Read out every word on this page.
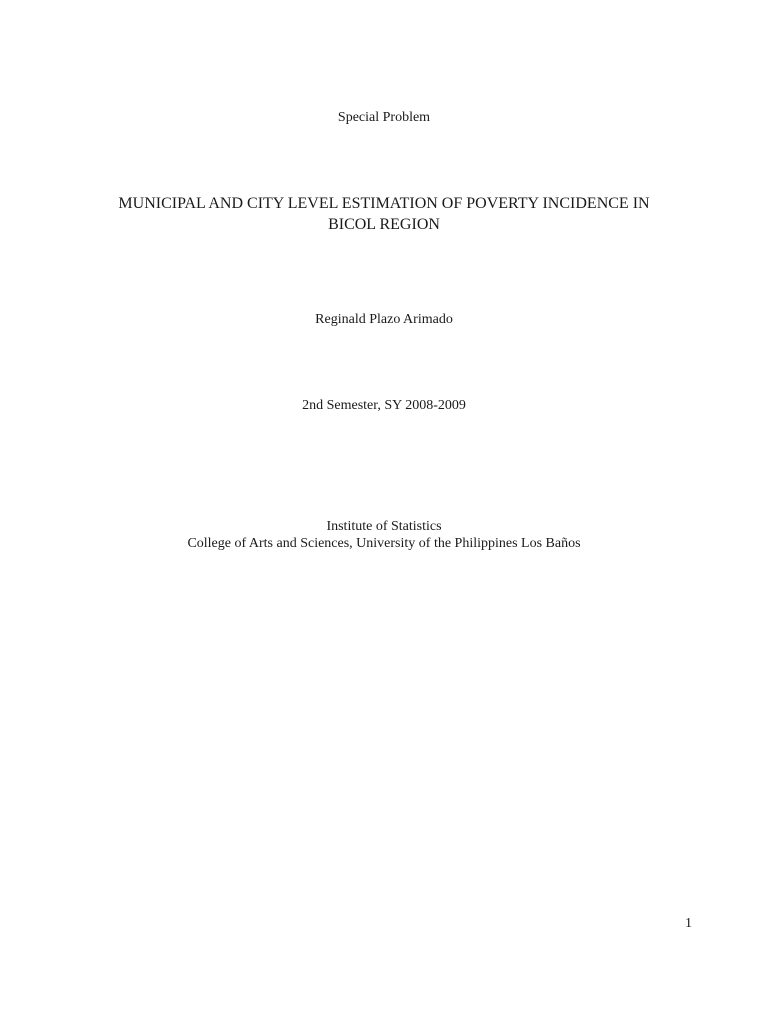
Special Problem

MUNICIPAL AND CITY LEVEL ESTIMATION OF POVERTY INCIDENCE IN
BICOL REGION

Reginald Plazo Arimado

2nd Semester, SY 2008-2009

Institute of Statistics

College of Arts and Sciences, University of the Philippines Los Baños

1
